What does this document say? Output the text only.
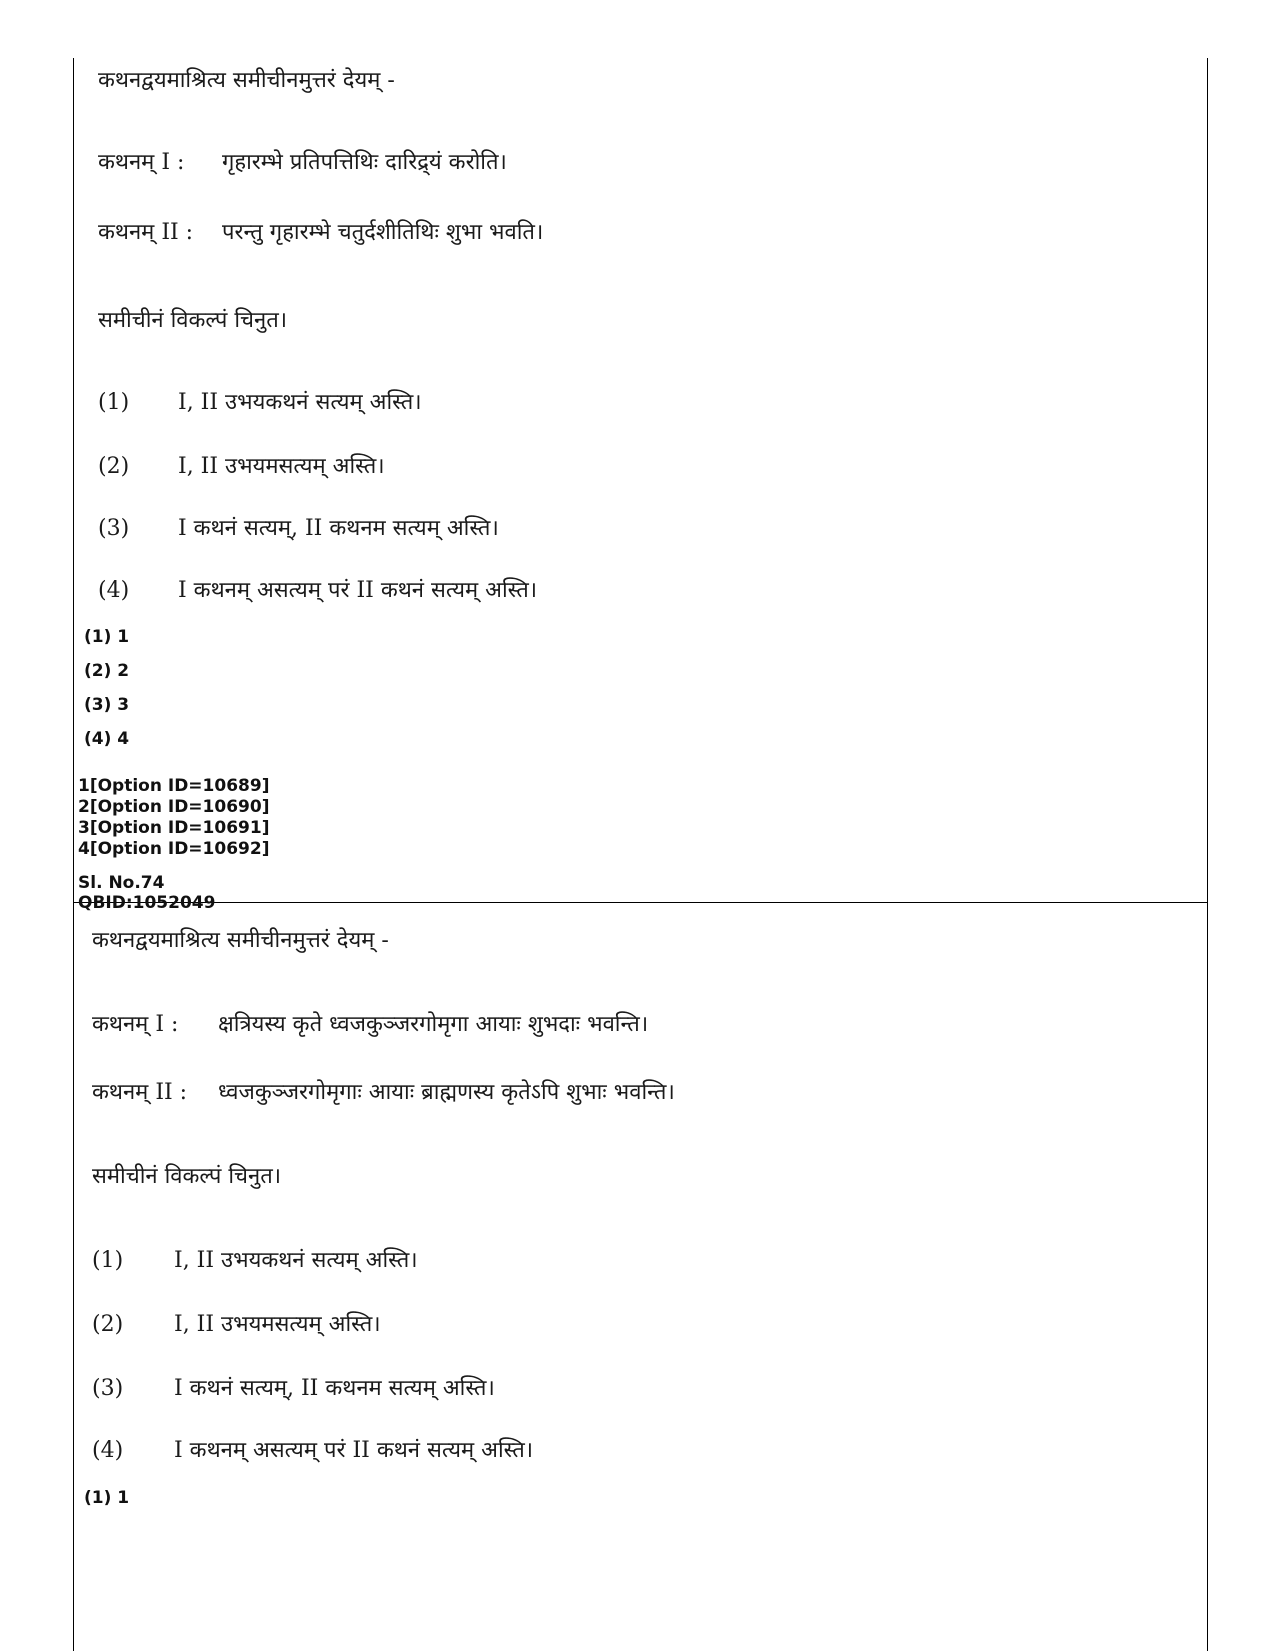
कथनद्वयमाश्रित्य समीचीनमुत्तरं देयम् -
कथनम् I : गृहारम्भे प्रतिपत्तिथिः दारिद्र्यं करोति।
कथनम् II : परन्तु गृहारम्भे चतुर्दशीतिथिः शुभा भवति।
समीचीनं विकल्पं चिनुत।
(1) I, II उभयकथनं सत्यम् अस्ति।
(2) I, II उभयमसत्यम् अस्ति।
(3) I कथनं सत्यम्, II कथनम सत्यम् अस्ति।
(4) I कथनम् असत्यम् परं II कथनं सत्यम् अस्ति।
(1) 1
(2) 2
(3) 3
(4) 4
1[Option ID=10689]
2[Option ID=10690]
3[Option ID=10691]
4[Option ID=10692]
Sl. No.74
QBID:1052049
कथनद्वयमाश्रित्य समीचीनमुत्तरं देयम् -
कथनम् I : क्षत्रियस्य कृते ध्वजकुञ्जरगोमृगा आयाः शुभदाः भवन्ति।
कथनम् II : ध्वजकुञ्जरगोमृगाः आयाः ब्राह्मणस्य कृतेऽपि शुभाः भवन्ति।
समीचीनं विकल्पं चिनुत।
(1) I, II उभयकथनं सत्यम् अस्ति।
(2) I, II उभयमसत्यम् अस्ति।
(3) I कथनं सत्यम्, II कथनम सत्यम् अस्ति।
(4) I कथनम् असत्यम् परं II कथनं सत्यम् अस्ति।
(1) 1
